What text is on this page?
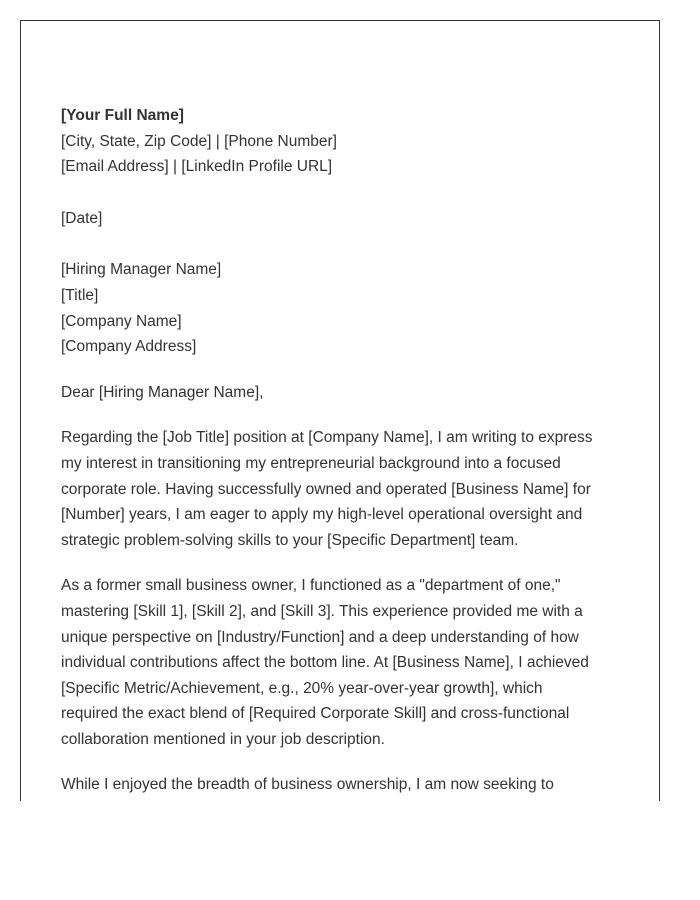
[Your Full Name]
[City, State, Zip Code] | [Phone Number]
[Email Address] | [LinkedIn Profile URL]
[Date]
[Hiring Manager Name]
[Title]
[Company Name]
[Company Address]
Dear [Hiring Manager Name],
Regarding the [Job Title] position at [Company Name], I am writing to express
my interest in transitioning my entrepreneurial background into a focused
corporate role. Having successfully owned and operated [Business Name] for
[Number] years, I am eager to apply my high-level operational oversight and
strategic problem-solving skills to your [Specific Department] team.
As a former small business owner, I functioned as a "department of one,"
mastering [Skill 1], [Skill 2], and [Skill 3]. This experience provided me with a
unique perspective on [Industry/Function] and a deep understanding of how
individual contributions affect the bottom line. At [Business Name], I achieved
[Specific Metric/Achievement, e.g., 20% year-over-year growth], which
required the exact blend of [Required Corporate Skill] and cross-functional
collaboration mentioned in your job description.
While I enjoyed the breadth of business ownership, I am now seeking to
